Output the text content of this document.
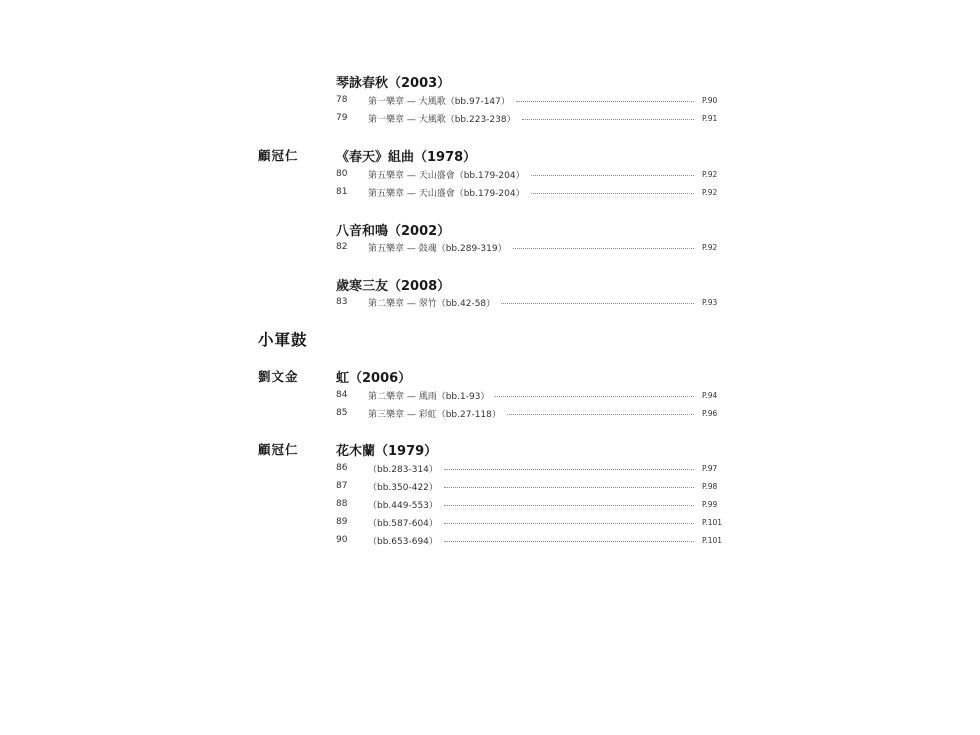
琴詠春秋（2003）
78	第一樂章 — 大風歌（bb.97-147）	P.90
79	第一樂章 — 大風歌（bb.223-238）	P.91
顧冠仁	《春天》組曲（1978）
80	第五樂章 — 天山盛會（bb.179-204）	P.92
81	第五樂章 — 天山盛會（bb.179-204）	P.92
八音和鳴（2002）
82	第五樂章 — 鼓魂（bb.289-319）	P.92
歲寒三友（2008）
83	第二樂章 — 翠竹（bb.42-58）	P.93
小軍鼓
劉文金	虹（2006）
84	第二樂章 — 風雨（bb.1-93）	P.94
85	第三樂章 — 彩虹（bb.27-118）	P.96
顧冠仁	花木蘭（1979）
86	（bb.283-314）	P.97
87	（bb.350-422）	P.98
88	（bb.449-553）	P.99
89	（bb.587-604）	P.101
90	（bb.653-694）	P.101
